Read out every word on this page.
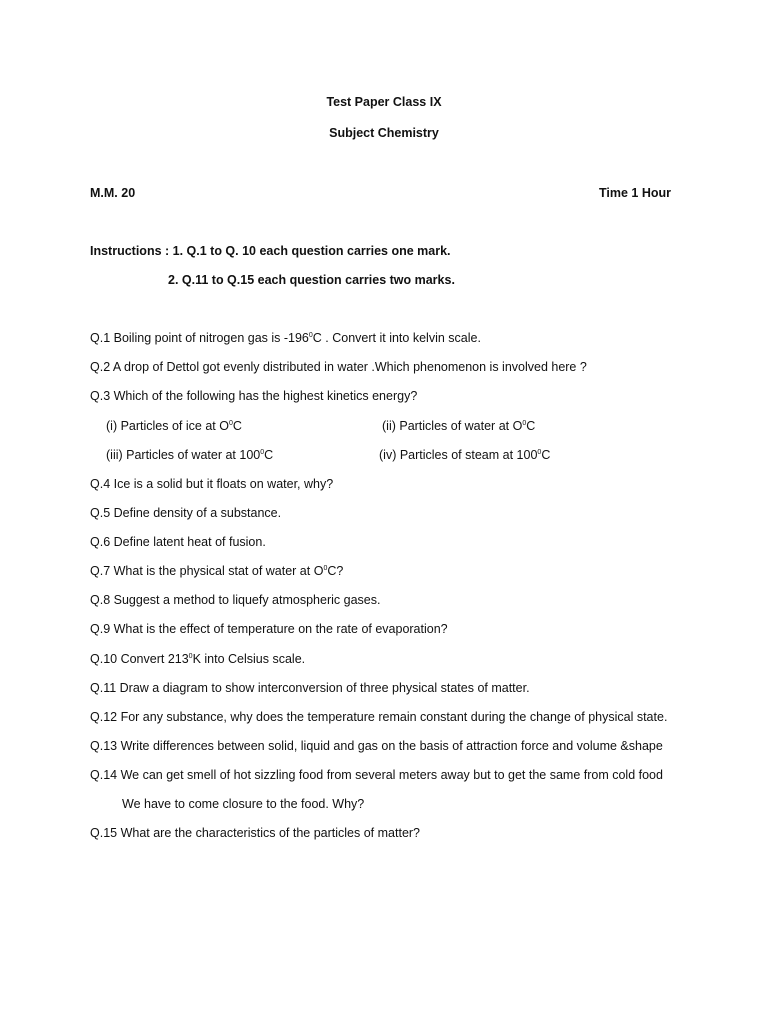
Test Paper Class IX
Subject Chemistry
M.M. 20	Time 1 Hour
Instructions : 1. Q.1 to Q. 10 each question carries one mark.
2. Q.11 to Q.15 each question carries two marks.
Q.1 Boiling point of nitrogen gas is $-196^0C$ . Convert it into kelvin scale.
Q.2 A drop of Dettol got evenly distributed in water .Which phenomenon is involved here ?
Q.3 Which of the following has the highest kinetics energy?
(i) Particles of ice at $O^0C$	(ii) Particles of water at $O^0C$
(iii) Particles of water at $100^0C$	(iv) Particles of steam at $100^0C$
Q.4 Ice is a solid but it floats on water, why?
Q.5 Define density of a substance.
Q.6 Define latent heat of fusion.
Q.7 What is the physical stat of water at $O^0C$?
Q.8 Suggest a method to liquefy atmospheric gases.
Q.9 What is the effect of temperature on the rate of evaporation?
Q.10 Convert $213^0K$ into Celsius scale.
Q.11 Draw a diagram to show interconversion of three physical states of matter.
Q.12 For any substance, why does the temperature remain constant during the change of physical state.
Q.13 Write differences between solid, liquid and gas on the basis of attraction force and volume &shape
Q.14 We can get smell of hot sizzling food from several meters away but to get the same from cold food
We have to come closure to the food. Why?
Q.15 What are the characteristics of the particles of matter?
